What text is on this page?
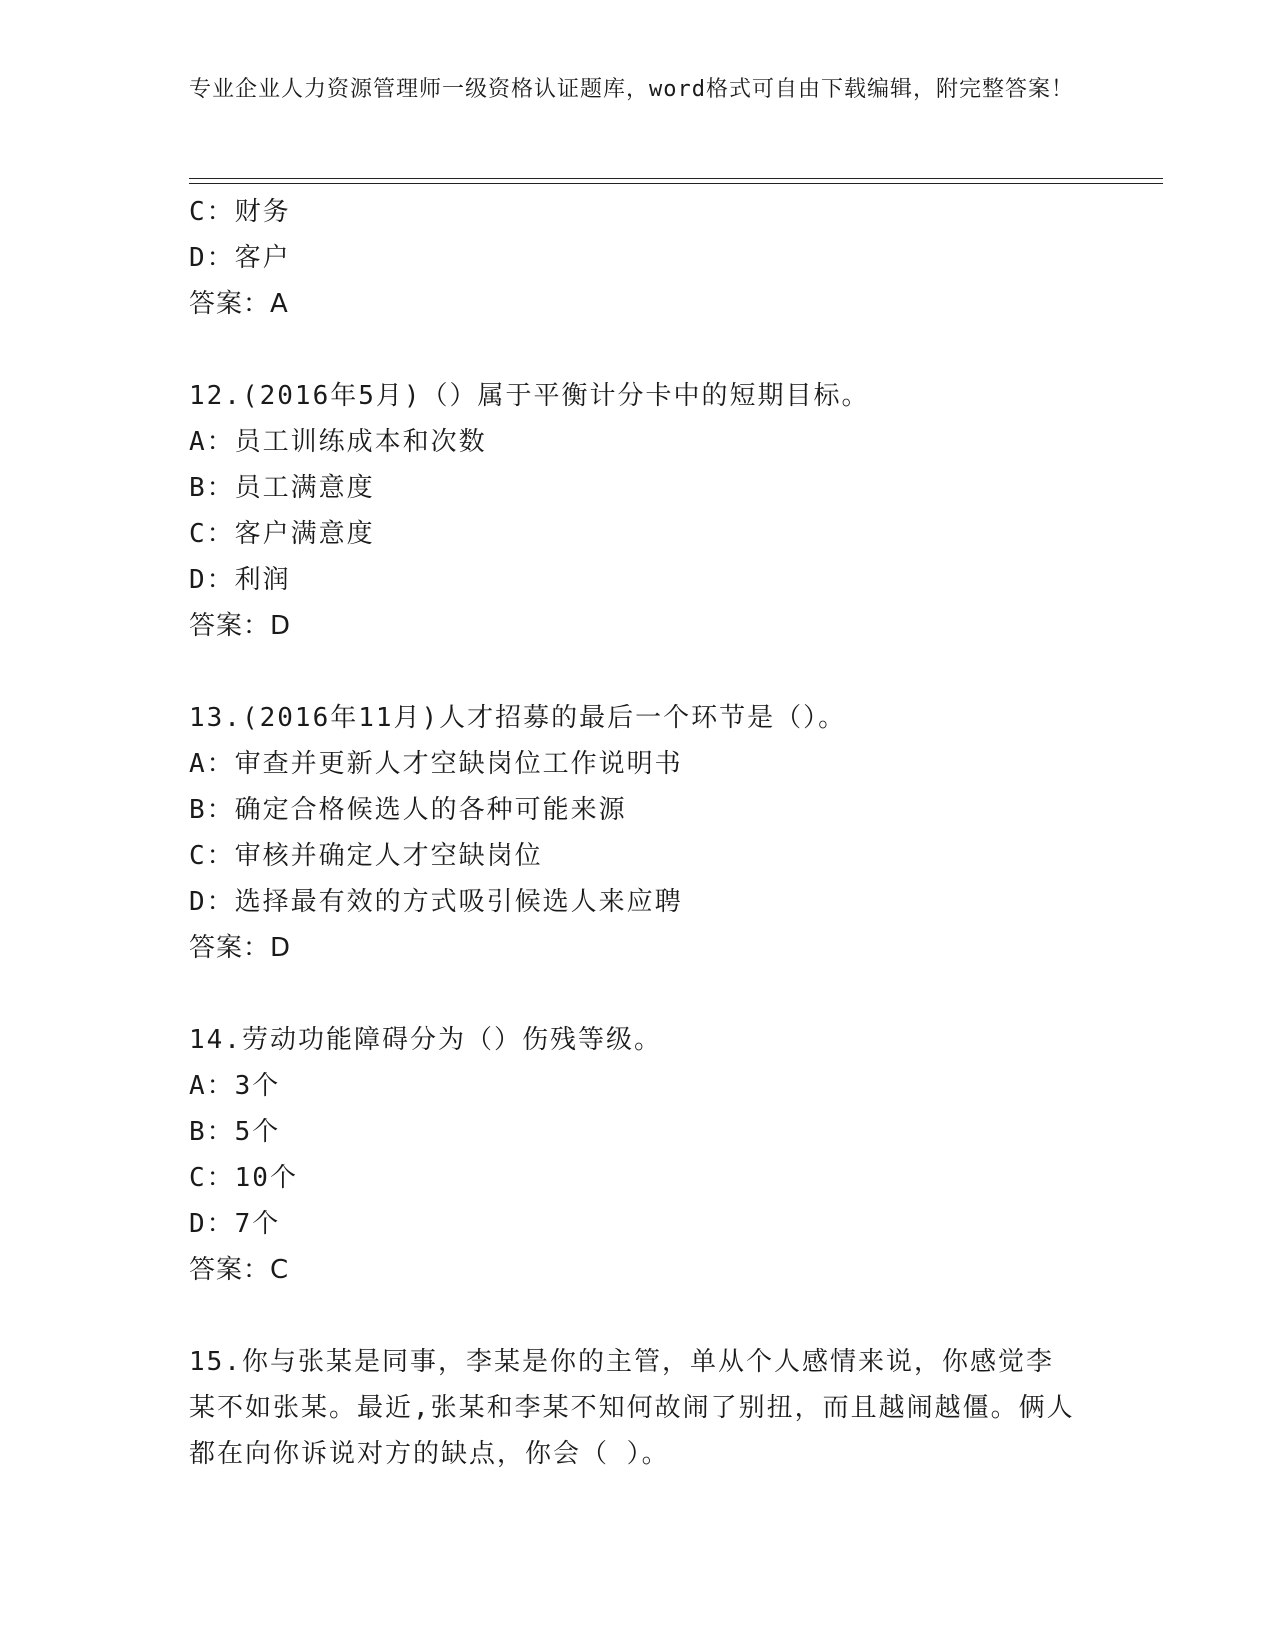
专业企业人力资源管理师一级资格认证题库，word格式可自由下载编辑，附完整答案！
C：财务
D：客户
答案：A
12.(2016年5月)（）属于平衡计分卡中的短期目标。
A：员工训练成本和次数
B：员工满意度
C：客户满意度
D：利润
答案：D
13.(2016年11月)人才招募的最后一个环节是（）。
A：审查并更新人才空缺岗位工作说明书
B：确定合格候选人的各种可能来源
C：审核并确定人才空缺岗位
D：选择最有效的方式吸引候选人来应聘
答案：D
14.劳动功能障碍分为（）伤残等级。
A：3个
B：5个
C：10个
D：7个
答案：C
15.你与张某是同事，李某是你的主管，单从个人感情来说，你感觉李某不如张某。最近,张某和李某不知何故闹了别扭，而且越闹越僵。俩人都在向你诉说对方的缺点，你会（ ）。
